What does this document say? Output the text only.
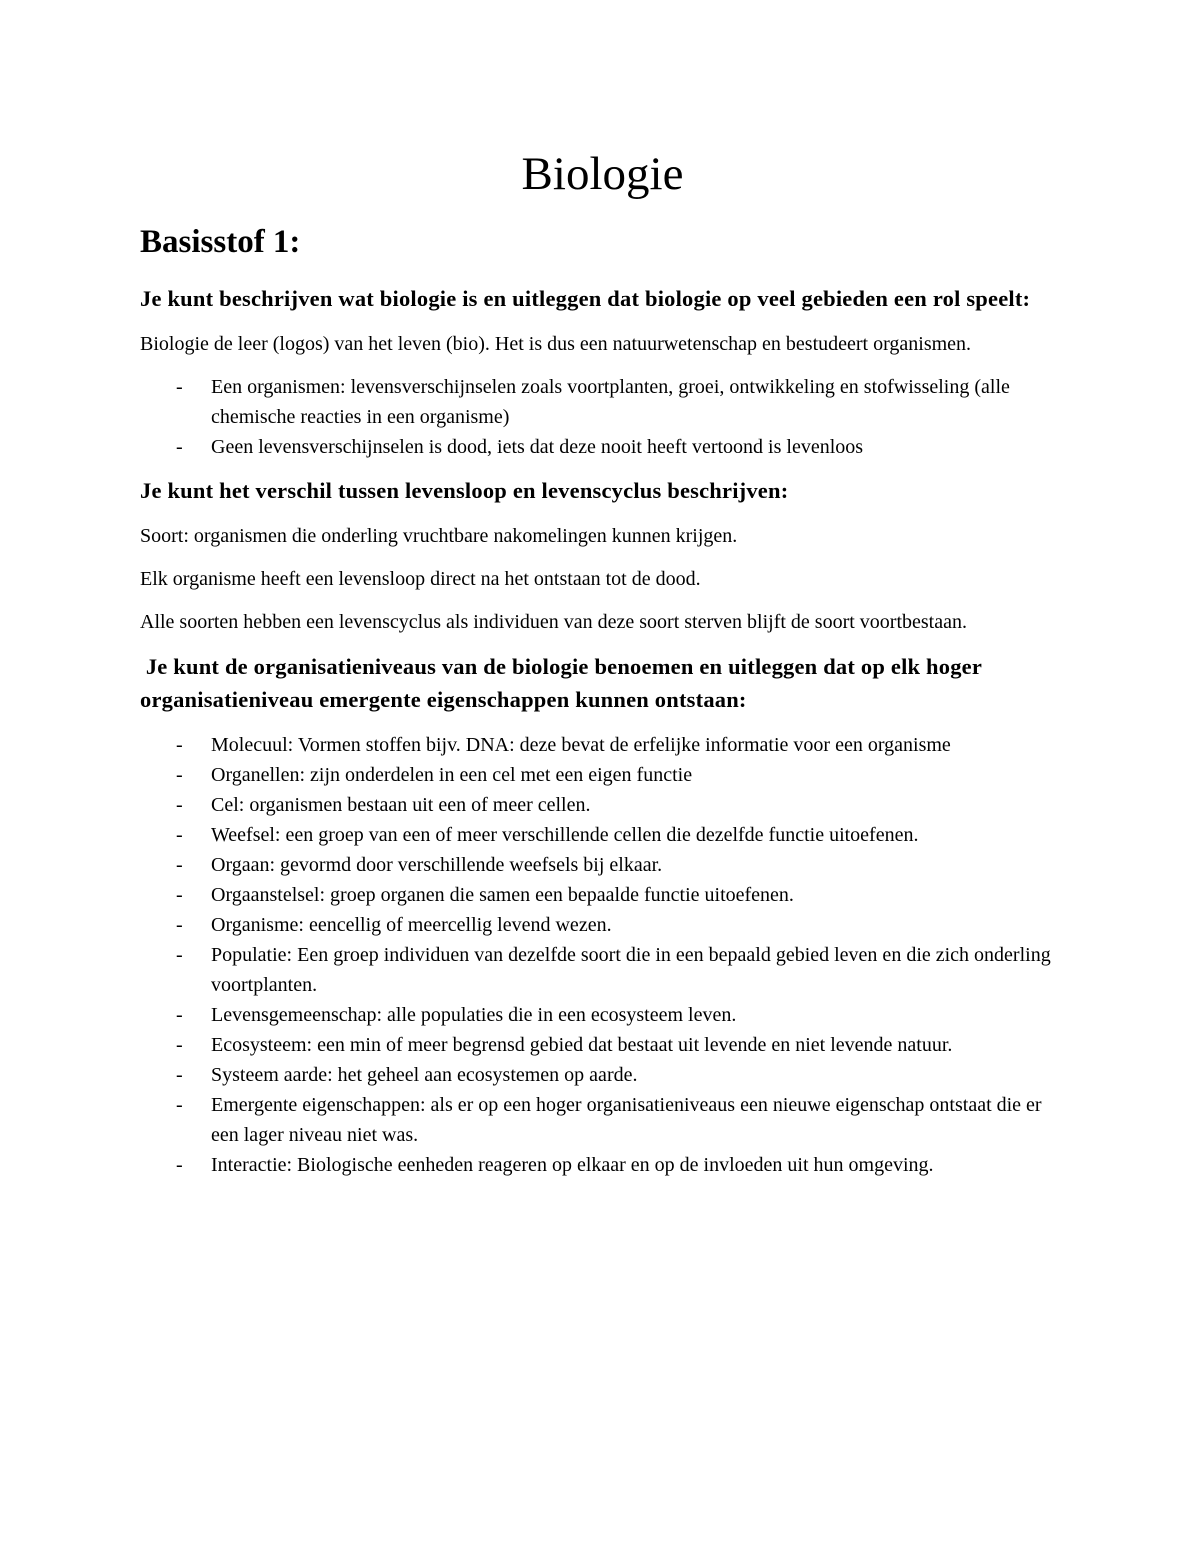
Biologie
Basisstof 1:
Je kunt beschrijven wat biologie is en uitleggen dat biologie op veel gebieden een rol speelt:

Biologie de leer (logos) van het leven (bio). Het is dus een natuurwetenschap en bestudeert organismen.

- Een organismen: levensverschijnselen zoals voortplanten, groei, ontwikkeling en stofwisseling (alle chemische reacties in een organisme)
- Geen levensverschijnselen is dood, iets dat deze nooit heeft vertoond is levenloos
Je kunt het verschil tussen levensloop en levenscyclus beschrijven:

Soort: organismen die onderling vruchtbare nakomelingen kunnen krijgen.

Elk organisme heeft een levensloop direct na het ontstaan tot de dood.

Alle soorten hebben een levenscyclus als individuen van deze soort sterven blijft de soort voortbestaan.

Je kunt de organisatieniveaus van de biologie benoemen en uitleggen dat op elk hoger organisatieniveau emergente eigenschappen kunnen ontstaan:
- Molecuul: Vormen stoffen bijv. DNA: deze bevat de erfelijke informatie voor een organisme
- Organellen: zijn onderdelen in een cel met een eigen functie
- Cel: organismen bestaan uit een of meer cellen.
- Weefsel: een groep van een of meer verschillende cellen die dezelfde functie uitoefenen.
- Orgaan: gevormd door verschillende weefsels bij elkaar.
- Orgaanstelsel: groep organen die samen een bepaalde functie uitoefenen.
- Organisme: eencellig of meercellig levend wezen.
- Populatie: Een groep individuen van dezelfde soort die in een bepaald gebied leven en die zich onderling voortplanten.
- Levensgemeenschap: alle populaties die in een ecosysteem leven.
- Ecosysteem: een min of meer begrensd gebied dat bestaat uit levende en niet levende natuur.
- Systeem aarde: het geheel aan ecosystemen op aarde.
- Emergente eigenschappen: als er op een hoger organisatieniveaus een nieuwe eigenschap ontstaat die er een lager niveau niet was.
- Interactie: Biologische eenheden reageren op elkaar en op de invloeden uit hun omgeving.
